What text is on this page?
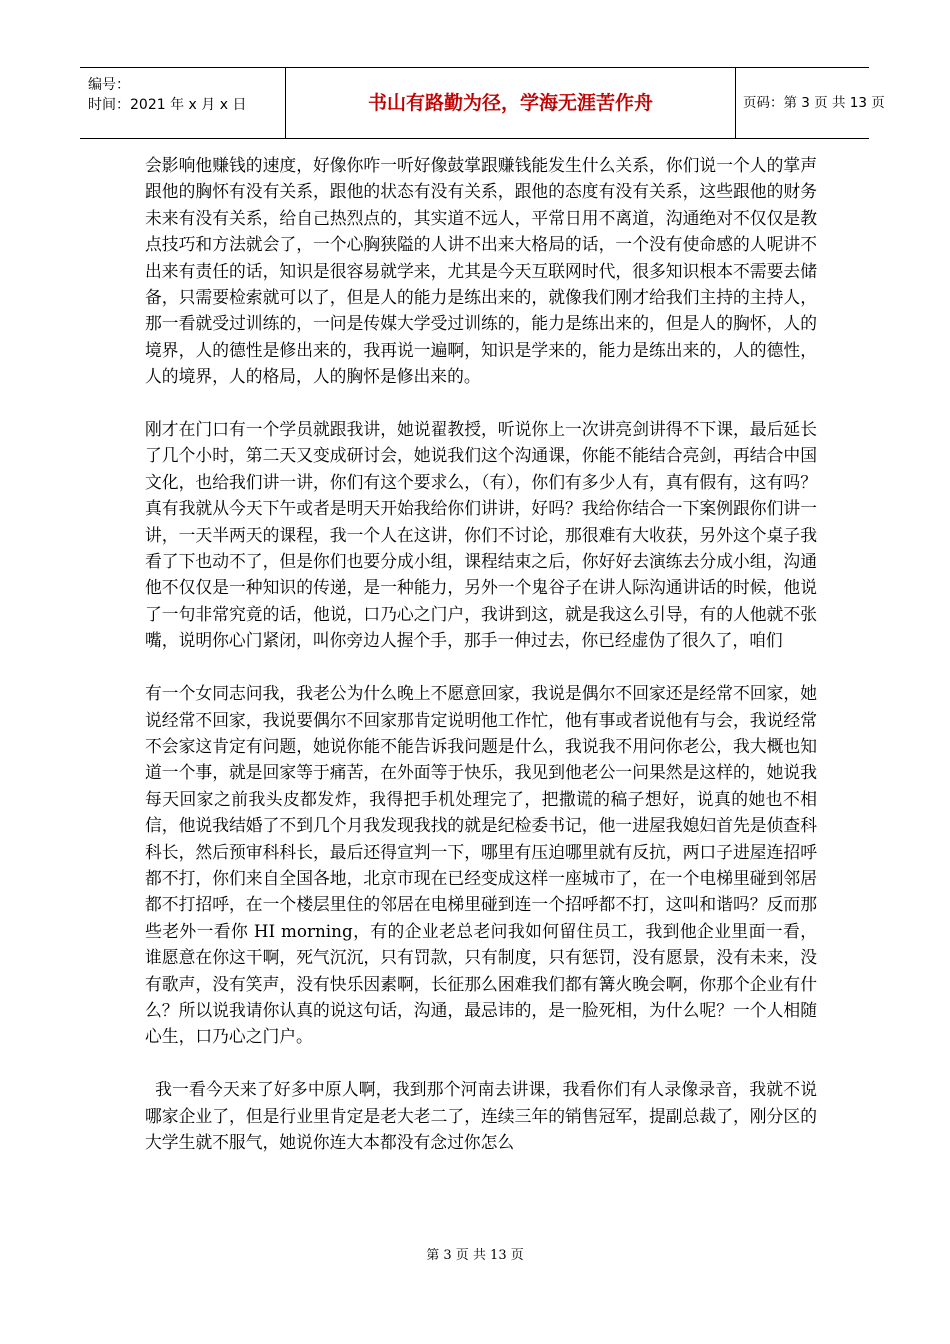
编号：
时间：2021 年 x 月 x 日	书山有路勤为径，学海无涯苦作舟	页码：第 3 页 共 13 页

会影响他赚钱的速度，好像你咋一听好像鼓掌跟赚钱能发生什么关系，你们说一个人的掌声跟他的胸怀有没有关系，跟他的状态有没有关系，跟他的态度有没有关系，这些跟他的财务未来有没有关系，给自己热烈点的，其实道不远人，平常日用不离道，沟通绝对不仅仅是教点技巧和方法就会了，一个心胸狭隘的人讲不出来大格局的话，一个没有使命感的人呢讲不出来有责任的话，知识是很容易就学来，尤其是今天互联网时代，很多知识根本不需要去储备，只需要检索就可以了，但是人的能力是练出来的，就像我们刚才给我们主持的主持人，那一看就受过训练的，一问是传媒大学受过训练的，能力是练出来的，但是人的胸怀，人的境界，人的德性是修出来的，我再说一遍啊，知识是学来的，能力是练出来的，人的德性，人的境界，人的格局，人的胸怀是修出来的。

刚才在门口有一个学员就跟我讲，她说翟教授，听说你上一次讲亮剑讲得不下课，最后延长了几个小时，第二天又变成研讨会，她说我们这个沟通课，你能不能结合亮剑，再结合中国文化，也给我们讲一讲，你们有这个要求么，（有），你们有多少人有，真有假有，这有吗？真有我就从今天下午或者是明天开始我给你们讲讲，好吗？我给你结合一下案例跟你们讲一讲，一天半两天的课程，我一个人在这讲，你们不讨论，那很难有大收获，另外这个桌子我看了下也动不了，但是你们也要分成小组，课程结束之后，你好好去演练去分成小组，沟通他不仅仅是一种知识的传递，是一种能力，另外一个鬼谷子在讲人际沟通讲话的时候，他说了一句非常究竟的话，他说，口乃心之门户，我讲到这，就是我这么引导，有的人他就不张嘴，说明你心门紧闭，叫你旁边人握个手，那手一伸过去，你已经虚伪了很久了，咱们

有一个女同志问我，我老公为什么晚上不愿意回家，我说是偶尔不回家还是经常不回家，她说经常不回家，我说要偶尔不回家那肯定说明他工作忙，他有事或者说他有与会，我说经常不会家这肯定有问题，她说你能不能告诉我问题是什么，我说我不用问你老公，我大概也知道一个事，就是回家等于痛苦，在外面等于快乐，我见到他老公一问果然是这样的，她说我每天回家之前我头皮都发炸，我得把手机处理完了，把撒谎的稿子想好，说真的她也不相信，他说我结婚了不到几个月我发现我找的就是纪检委书记，他一进屋我媳妇首先是侦查科科长，然后预审科科长，最后还得宣判一下，哪里有压迫哪里就有反抗，两口子进屋连招呼都不打，你们来自全国各地，北京市现在已经变成这样一座城市了，在一个电梯里碰到邻居都不打招呼，在一个楼层里住的邻居在电梯里碰到连一个招呼都不打，这叫和谐吗？反而那些老外一看你 HI morning，有的企业老总老问我如何留住员工，我到他企业里面一看，谁愿意在你这干啊，死气沉沉，只有罚款，只有制度，只有惩罚，没有愿景，没有未来，没有歌声，没有笑声，没有快乐因素啊，长征那么困难我们都有篝火晚会啊，你那个企业有什么？所以说我请你认真的说这句话，沟通，最忌讳的，是一脸死相，为什么呢？一个人相随心生，口乃心之门户。

我一看今天来了好多中原人啊，我到那个河南去讲课，我看你们有人录像录音，我就不说哪家企业了，但是行业里肯定是老大老二了，连续三年的销售冠军，提副总裁了，刚分区的大学生就不服气，她说你连大本都没有念过你怎么

第 3 页 共 13 页
